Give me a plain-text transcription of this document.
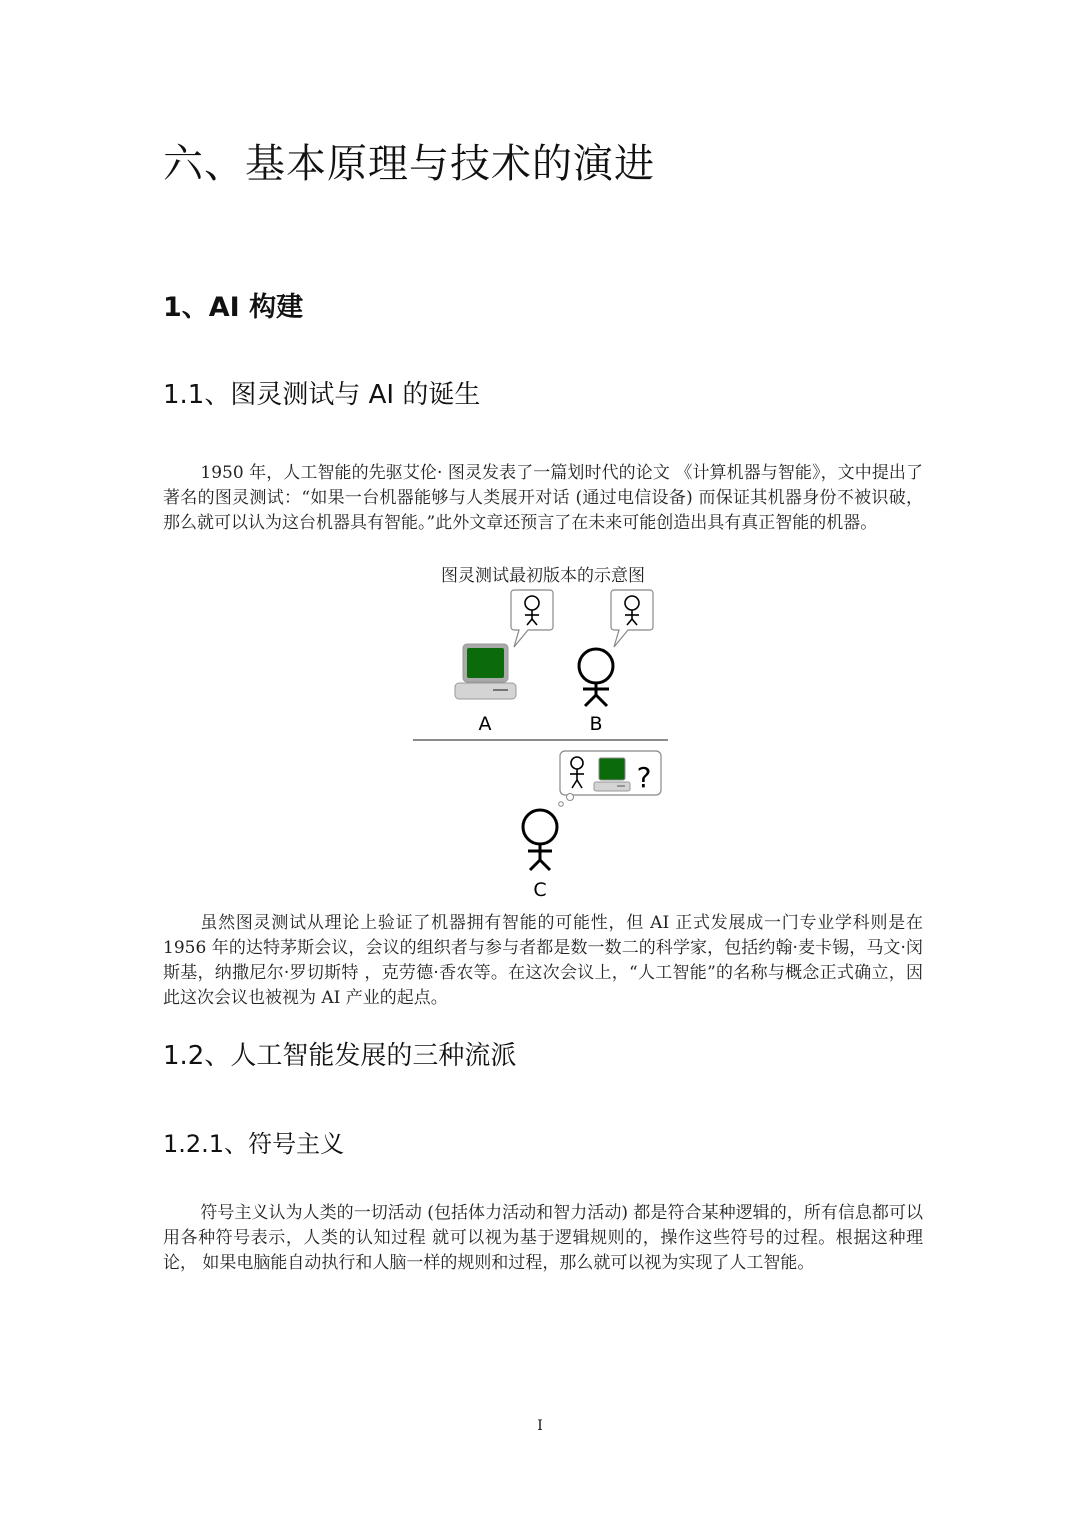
六、基本原理与技术的演进
1、AI 构建
1.1、图灵测试与 AI 的诞生

1950 年，人工智能的先驱艾伦· 图灵发表了一篇划时代的论文 《计算机器与智能》，文中提出了著名的图灵测试：“如果一台机器能够与人类展开对话 (通过电信设备) 而保证其机器身份不被识破， 那么就可以认为这台机器具有智能。”此外文章还预言了在未来可能创造出具有真正智能的机器。

图灵测试最初版本的示意图
A	B
?
C

虽然图灵测试从理论上验证了机器拥有智能的可能性，但 AI 正式发展成一门专业学科则是在 1956 年的达特茅斯会议，会议的组织者与参与者都是数一数二的科学家，包括约翰·麦卡锡，马文·闵斯基，纳撒尼尔·罗切斯特 ，克劳德·香农等。在这次会议上，“人工智能”的名称与概念正式确立，因此这次会议也被视为 AI 产业的起点。

1.2、人工智能发展的三种流派
1.2.1、符号主义

符号主义认为人类的一切活动 (包括体力活动和智力活动) 都是符合某种逻辑的，所有信息都可以用各种符号表示，人类的认知过程 就可以视为基于逻辑规则的，操作这些符号的过程。根据这种理论， 如果电脑能自动执行和人脑一样的规则和过程，那么就可以视为实现了人工智能。

I
